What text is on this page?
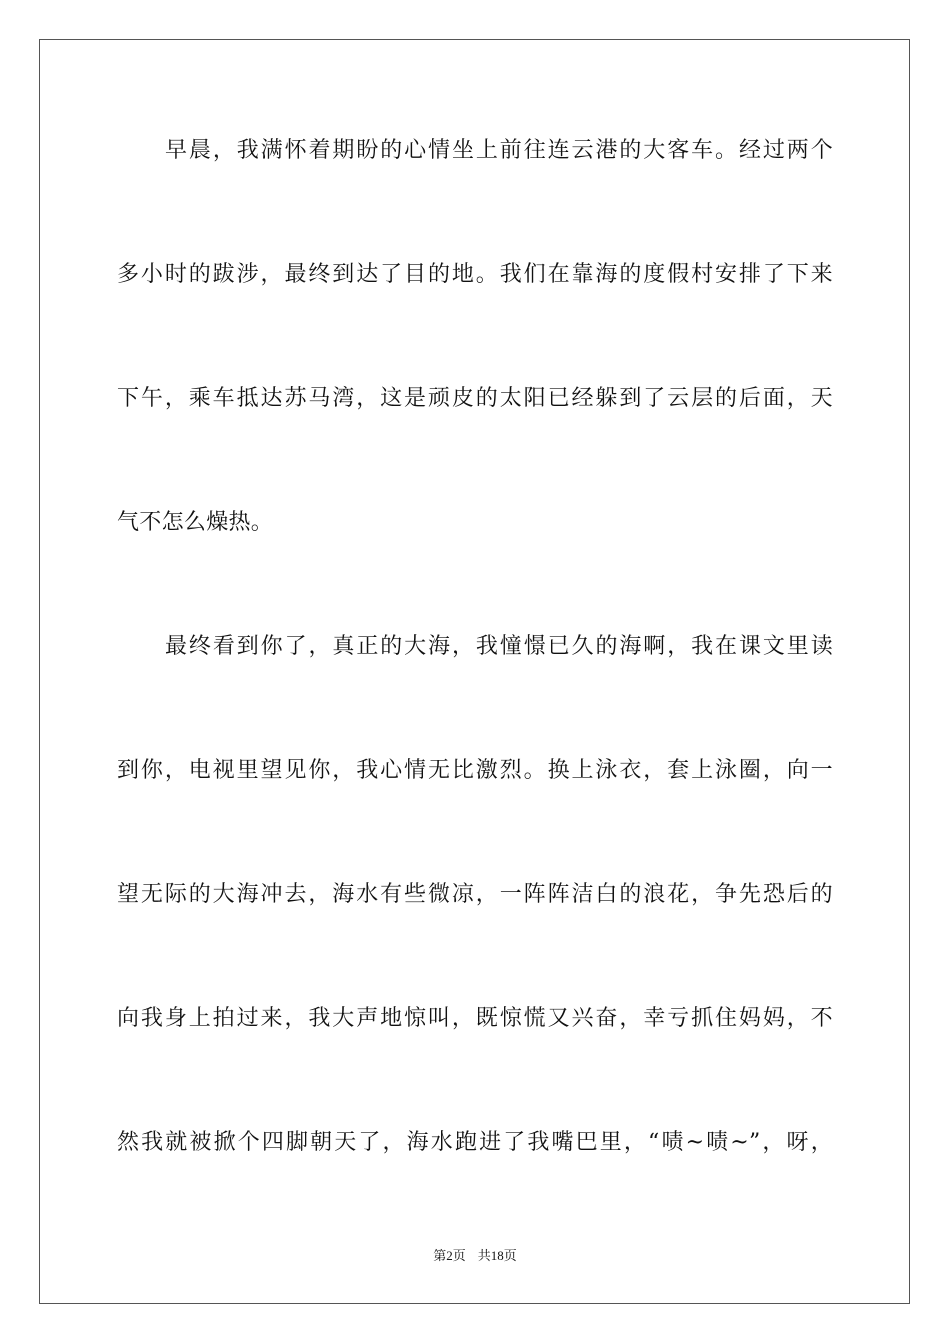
早晨，我满怀着期盼的心情坐上前往连云港的大客车。经过两个
多小时的跋涉，最终到达了目的地。我们在靠海的度假村安排了下来
下午，乘车抵达苏马湾，这是顽皮的太阳已经躲到了云层的后面，天
气不怎么燥热。
最终看到你了，真正的大海，我憧憬已久的海啊，我在课文里读
到你，电视里望见你，我心情无比激烈。换上泳衣，套上泳圈，向一
望无际的大海冲去，海水有些微凉，一阵阵洁白的浪花，争先恐后的
向我身上拍过来，我大声地惊叫，既惊慌又兴奋，幸亏抓住妈妈，不
然我就被掀个四脚朝天了，海水跑进了我嘴巴里，“啧~啧~”，呀，
第2页 共18页
